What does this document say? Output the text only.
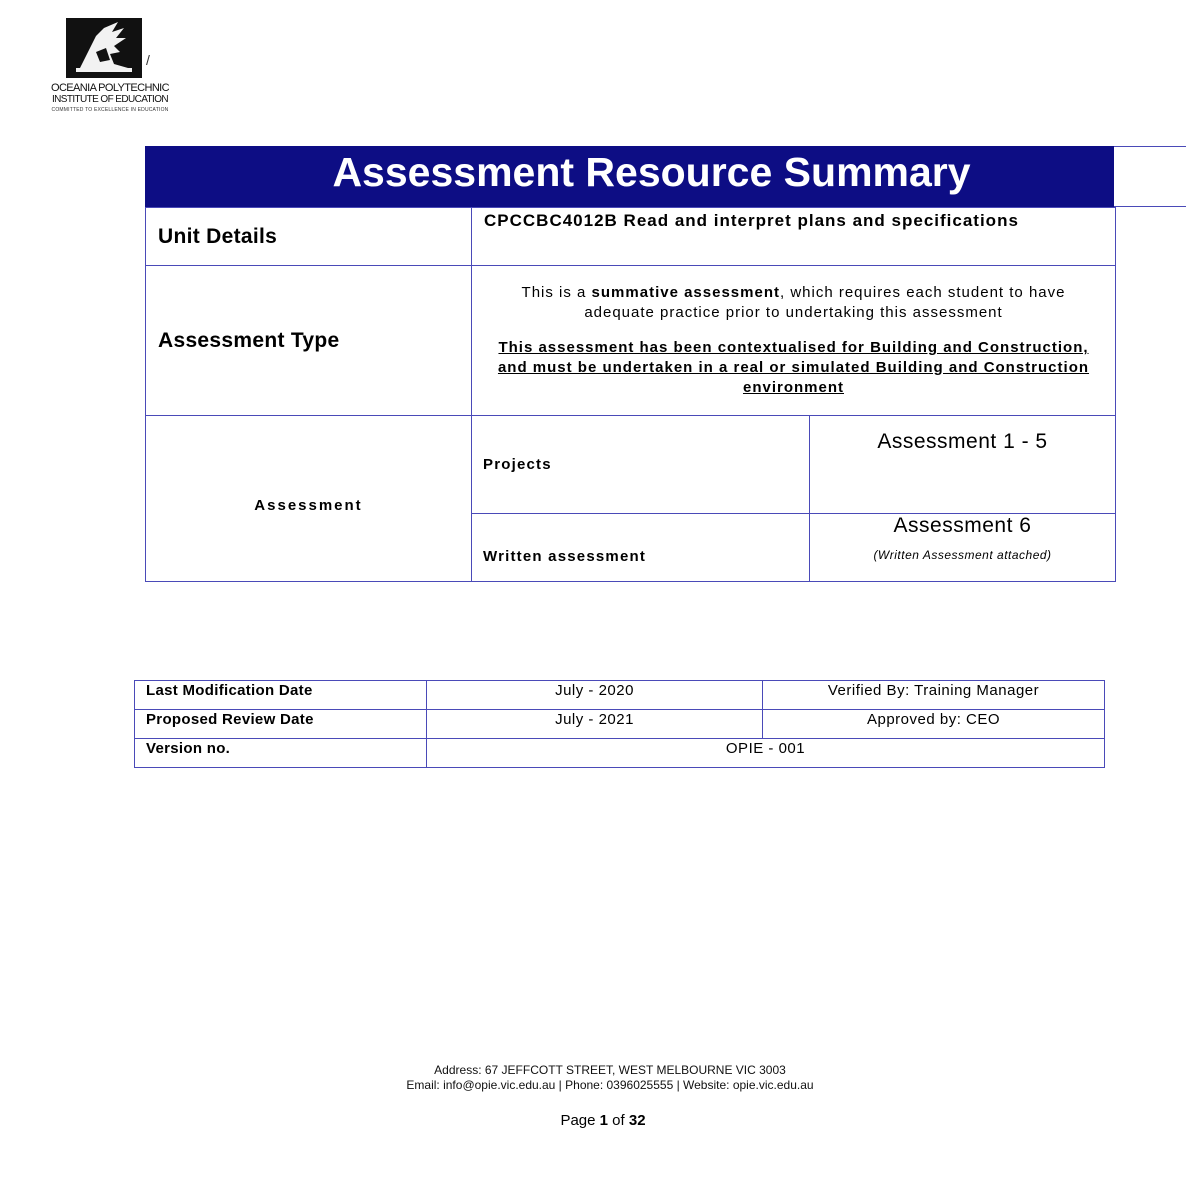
/
OCEANIA POLYTECHNIC
INSTITUTE OF EDUCATION
COMMITTED TO EXCELLENCE IN EDUCATION
Assessment Resource Summary
Unit Details	CPCCBC4012B Read and interpret plans and specifications	
Assessment Type	This is a summative assessment, which requires each student to have adequate practice prior to undertaking this assessment

This assessment has been contextualised for Building and Construction, and must be undertaken in a real or simulated Building and Construction environment	

Assessment	Projects	Assessment 1 - 5
	Written assessment	Assessment 6
(Written Assessment attached)
Last Modification Date	July - 2020	Verified By: Training Manager
Proposed Review Date	July - 2021	Approved by: CEO
Version no.	OPIE - 001	
Address: 67 JEFFCOTT STREET, WEST MELBOURNE VIC 3003
Email: info@opie.vic.edu.au | Phone: 0396025555 | Website: opie.vic.edu.au
Page 1 of 32
